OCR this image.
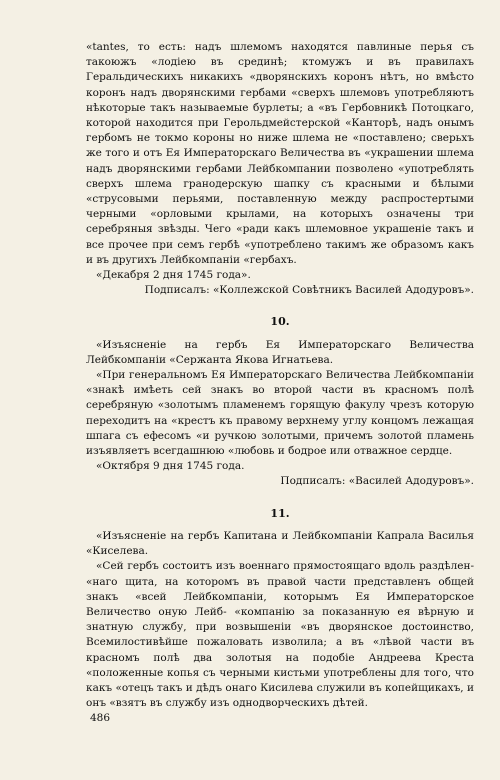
«tantes, то есть: надъ шлемомъ находятся павлиные перья съ такоюжъ «лодiею въ срединѣ; ктомужъ и въ правилахъ Геральдическихъ никакихъ «дворянскихъ коронъ нѣтъ, но вмѣсто коронъ надъ дворянскими гербами «сверхъ шлемовъ употребляютъ нѣкоторые такъ называемые бурлеты; а «въ Гербовникѣ Потоцкаго, которой находится при Герольдмейстерской «Канторѣ, надъ онымъ гербомъ не токмо короны но ниже шлема не «поставлено; сверьхъ же того и отъ Ея Императорскаго Величества въ «украшении шлема надъ дворянскими гербами Лейбкомпании позволено «употреблять сверхъ шлема гранодерскую шапку съ красными и бѣлыми «струсовыми перьями, поставленную между распростертыми черными «орловыми крылами, на которыхъ означены три серебряныя звѣзды. Чего «ради какъ шлемовное украшенiе такъ и все прочее при семъ гербѣ «употреблено такимъ же образомъ какъ и въ другихъ Лейбкомпанiи «гербахъ.

«Декабря 2 дня 1745 года».

Подписалъ: «Коллежской Совѣтникъ Василей Адодуровъ».

10.

«Изъясненiе на гербъ Ея Императорскаго Величества Лейбкомпанiи «Сержанта Якова Игнатьева.

«При генеральномъ Ея Императорскаго Величества Лейбкомпанiи «знакѣ имѣеть сей знакъ во второй части въ красномъ полѣ серебряную «золотымъ пламенемъ горящую факулу чрезъ которую переходитъ на «крестъ къ правому верхнему углу концомъ лежащая шпага съ ефесомъ «и ручкою золотыми, причемъ золотой пламень изъявляетъ всегдашнюю «любовь и бодрое или отважное сердце.

«Октября 9 дня 1745 года.

Подписалъ: «Василей Адодуровъ».

11.

«Изъясненiе на гербъ Капитана и Лейбкомпанiи Капрала Василья «Киселева.

«Сей гербъ состоитъ изъ военнаго прямостоящаго вдоль раздѣлен- «наго щита, на которомъ въ правой части представленъ общей знакъ «всей Лейбкомпанiи, которымъ Ея Императорское Величество оную Лейб- «компанiю за показанную ея вѣрную и знатную службу, при возвышенiи «въ дворянское достоинство, Всемилостивѣйше пожаловать изволила; а въ «лѣвой части въ красномъ полѣ два золотыя на подобiе Андреева Креста «положенные копья съ черными кистьми употреблены для того, что какъ «отецъ такъ и дѣдъ онаго Кисилева служили въ копейщикахъ, и онъ «взятъ въ службу изъ однодворческихъ дѣтей.

486
